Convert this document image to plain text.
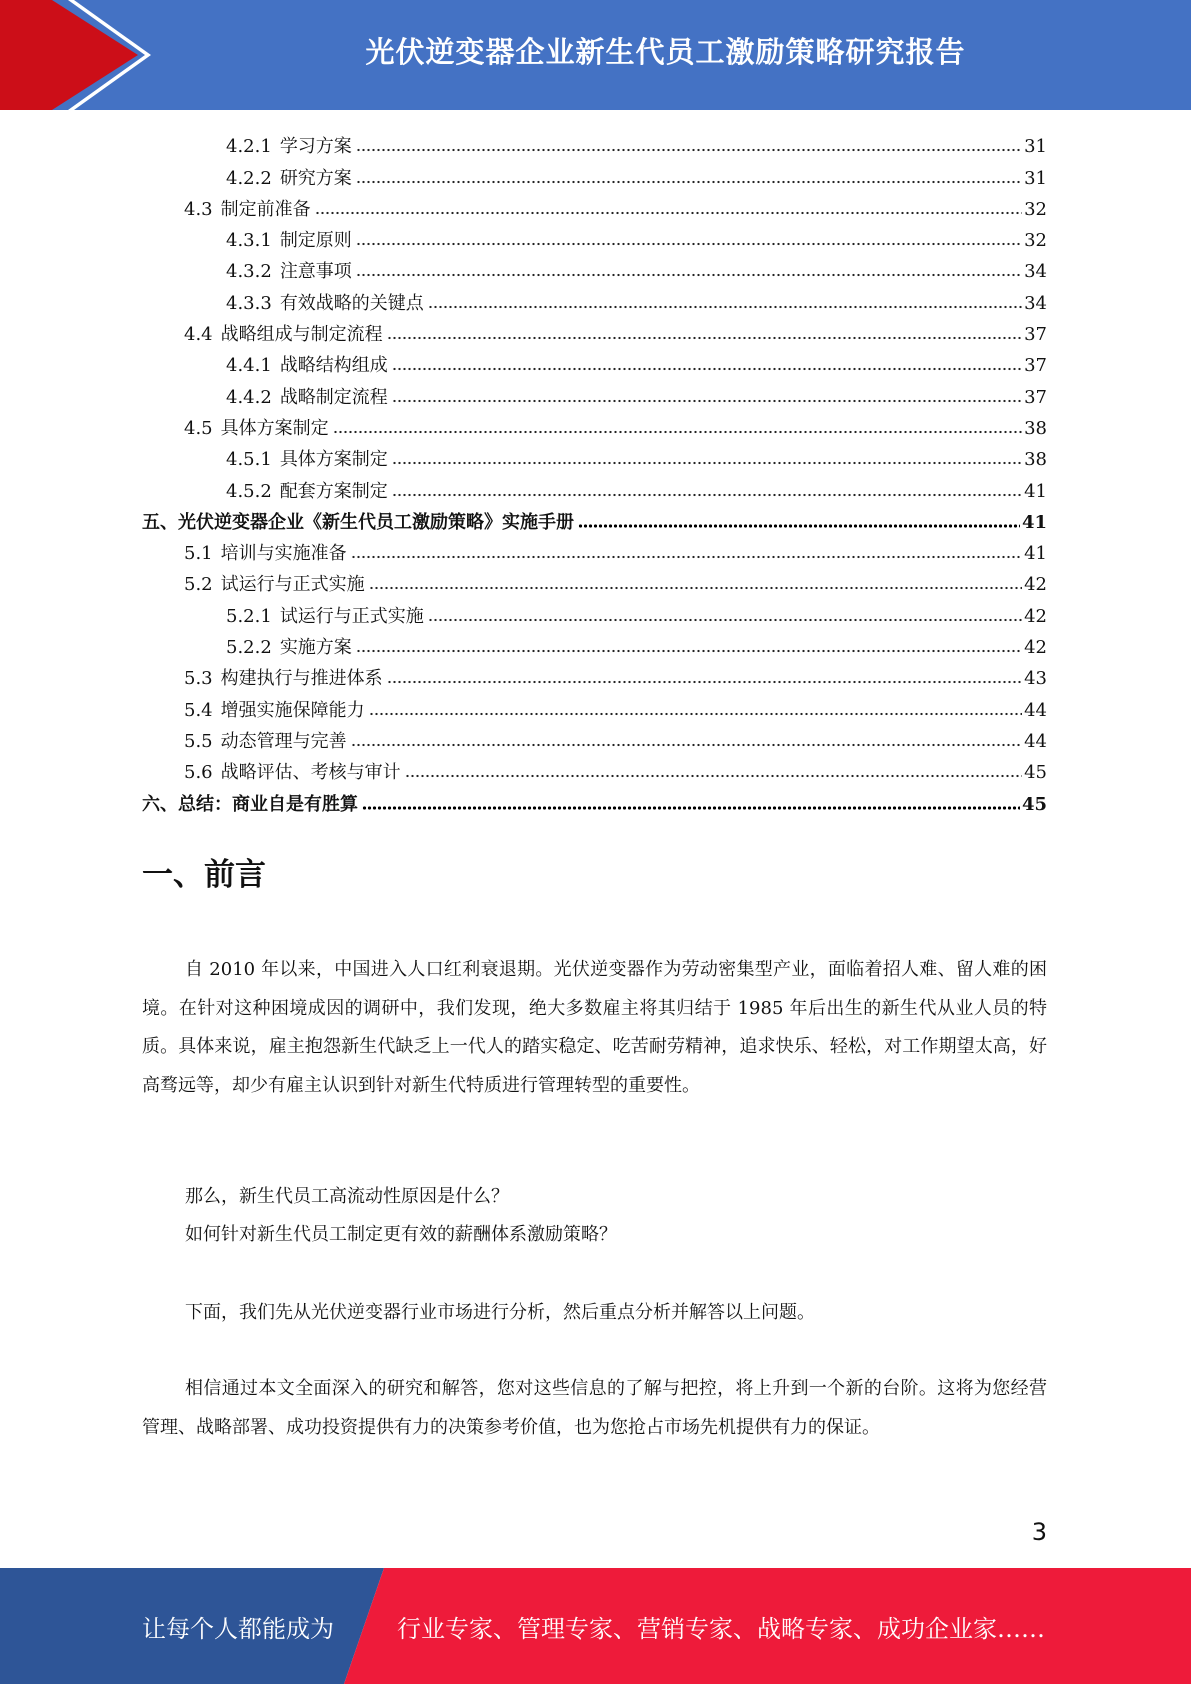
光伏逆变器企业新生代员工激励策略研究报告
4.2.1 学习方案	31
4.2.2 研究方案	31
4.3 制定前准备	32
4.3.1 制定原则	32
4.3.2 注意事项	34
4.3.3 有效战略的关键点	34
4.4 战略组成与制定流程	37
4.4.1 战略结构组成	37
4.4.2 战略制定流程	37
4.5 具体方案制定	38
4.5.1 具体方案制定	38
4.5.2 配套方案制定	41
五、 光伏逆变器企业《新生代员工激励策略》实施手册	41
5.1 培训与实施准备	41
5.2 试运行与正式实施	42
5.2.1 试运行与正式实施	42
5.2.2 实施方案	42
5.3 构建执行与推进体系	43
5.4 增强实施保障能力	44
5.5 动态管理与完善	44
5.6 战略评估、考核与审计	45
六、 总结：商业自是有胜算	45
一、前言

自 2010 年以来，中国进入人口红利衰退期。光伏逆变器作为劳动密集型产业，面临着招人难、留人难的困境。在针对这种困境成因的调研中，我们发现，绝大多数雇主将其归结于 1985 年后出生的新生代从业人员的特质。具体来说，雇主抱怨新生代缺乏上一代人的踏实稳定、吃苦耐劳精神，追求快乐、轻松，对工作期望太高，好高骛远等，却少有雇主认识到针对新生代特质进行管理转型的重要性。

那么，新生代员工高流动性原因是什么？

如何针对新生代员工制定更有效的薪酬体系激励策略？

下面，我们先从光伏逆变器行业市场进行分析，然后重点分析并解答以上问题。

相信通过本文全面深入的研究和解答，您对这些信息的了解与把控，将上升到一个新的台阶。这将为您经营管理、战略部署、成功投资提供有力的决策参考价值，也为您抢占市场先机提供有力的保证。

3
让每个人都能成为	行业专家、管理专家、营销专家、战略专家、成功企业家……
